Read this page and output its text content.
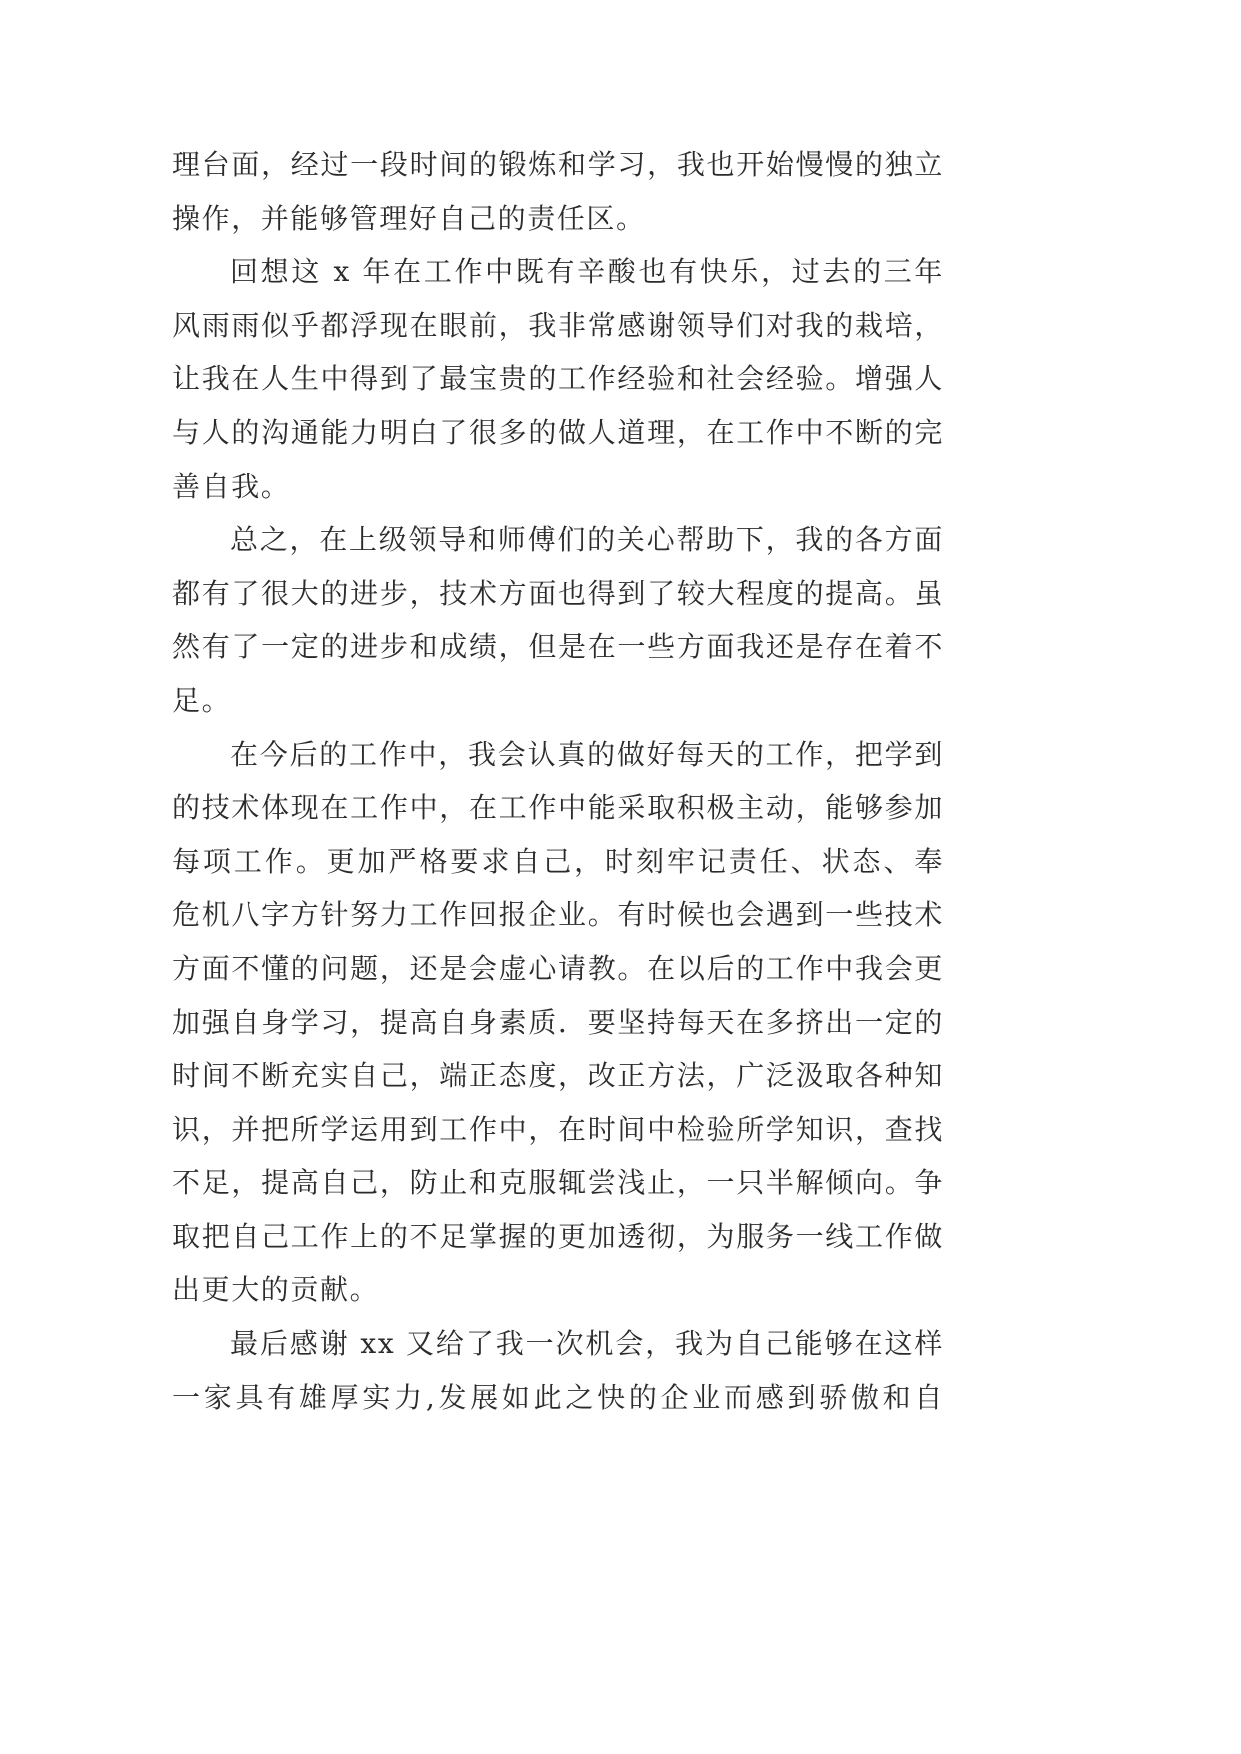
理台面，经过一段时间的锻炼和学习，我也开始慢慢的独立
操作，并能够管理好自己的责任区。
回想这 x 年在工作中既有辛酸也有快乐，过去的三年
风雨雨似乎都浮现在眼前，我非常感谢领导们对我的栽培，
让我在人生中得到了最宝贵的工作经验和社会经验。增强人
与人的沟通能力明白了很多的做人道理，在工作中不断的完
善自我。
总之，在上级领导和师傅们的关心帮助下，我的各方面
都有了很大的进步，技术方面也得到了较大程度的提高。虽
然有了一定的进步和成绩，但是在一些方面我还是存在着不
足。
在今后的工作中，我会认真的做好每天的工作，把学到
的技术体现在工作中，在工作中能采取积极主动，能够参加
每项工作。更加严格要求自己，时刻牢记责任、状态、奉
危机八字方针努力工作回报企业。有时候也会遇到一些技术
方面不懂的问题，还是会虚心请教。在以后的工作中我会更
加强自身学习，提高自身素质．要坚持每天在多挤出一定的
时间不断充实自己，端正态度，改正方法，广泛汲取各种知
识，并把所学运用到工作中，在时间中检验所学知识，查找
不足，提高自己，防止和克服辄尝浅止，一只半解倾向。争
取把自己工作上的不足掌握的更加透彻，为服务一线工作做
出更大的贡献。
最后感谢 xx 又给了我一次机会，我为自己能够在这样
一家具有雄厚实力,发展如此之快的企业而感到骄傲和自
